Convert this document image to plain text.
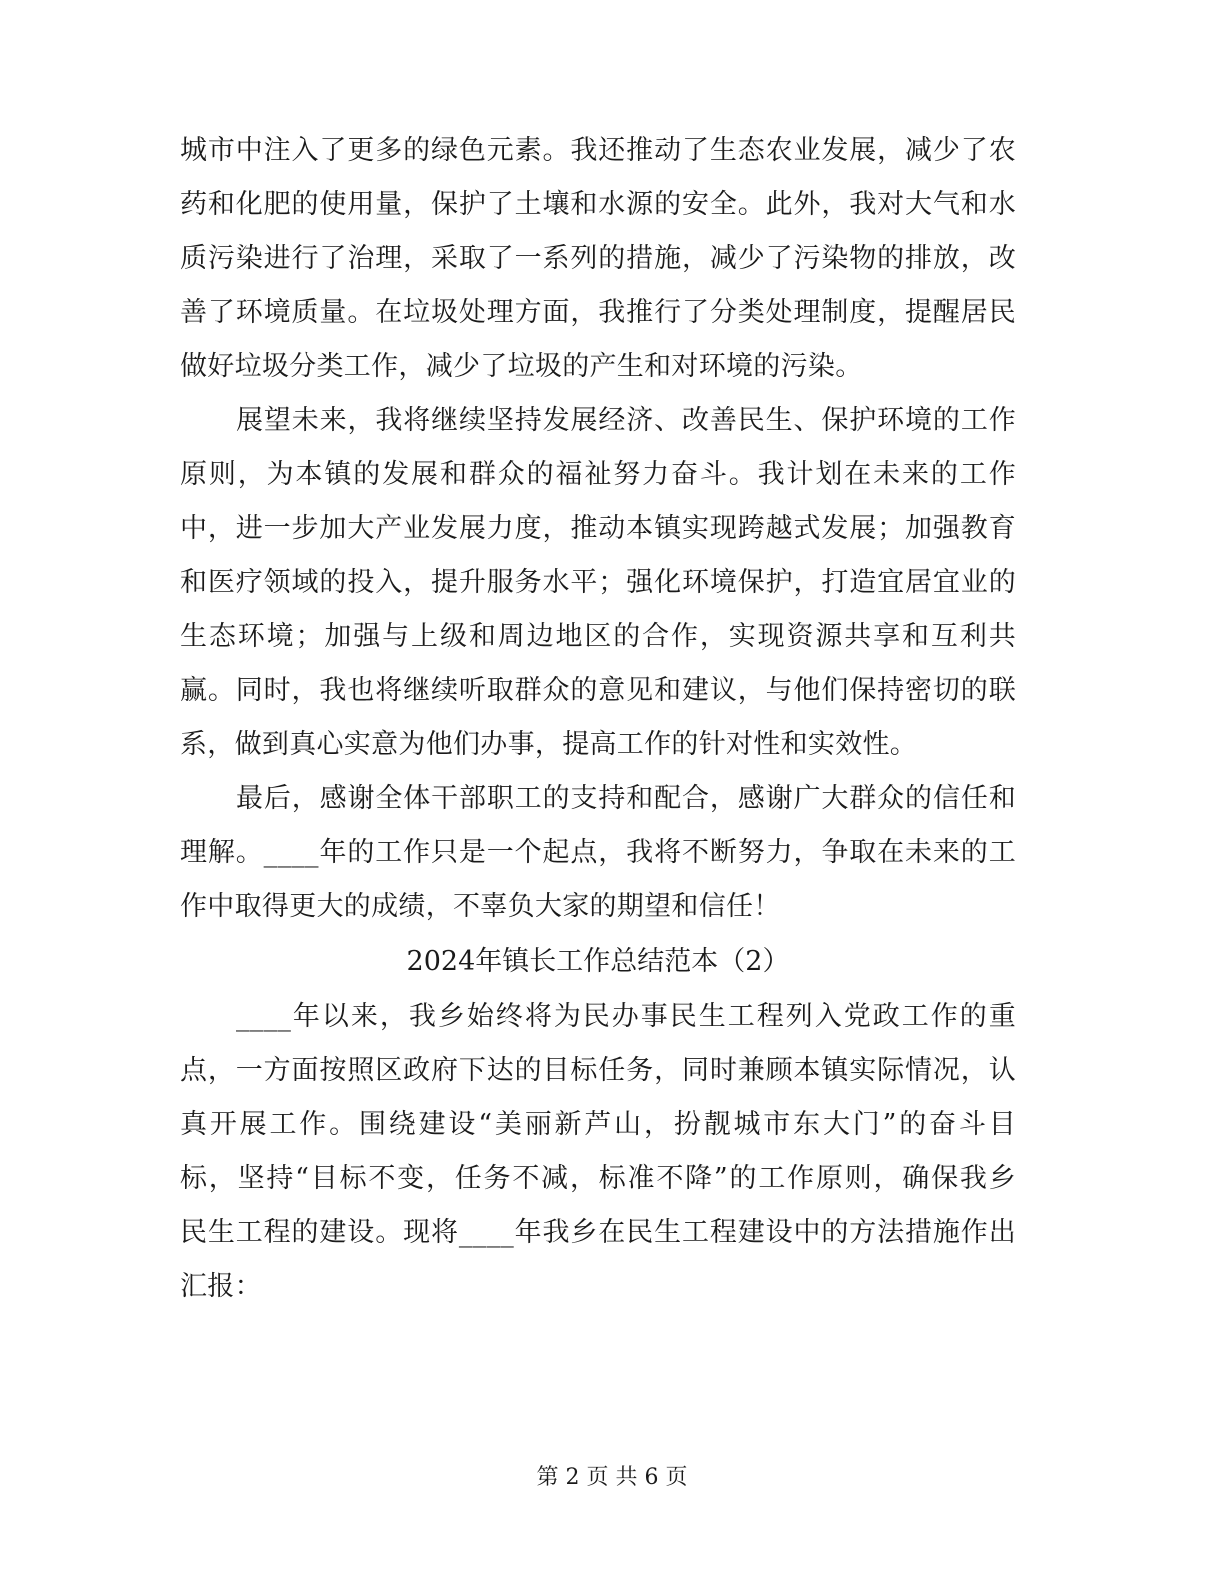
城市中注入了更多的绿色元素。我还推动了生态农业发展，减少了农
药和化肥的使用量，保护了土壤和水源的安全。此外，我对大气和水
质污染进行了治理，采取了一系列的措施，减少了污染物的排放，改
善了环境质量。在垃圾处理方面，我推行了分类处理制度，提醒居民
做好垃圾分类工作，减少了垃圾的产生和对环境的污染。
展望未来，我将继续坚持发展经济、改善民生、保护环境的工作
原则，为本镇的发展和群众的福祉努力奋斗。我计划在未来的工作
中，进一步加大产业发展力度，推动本镇实现跨越式发展；加强教育
和医疗领域的投入，提升服务水平；强化环境保护，打造宜居宜业的
生态环境；加强与上级和周边地区的合作，实现资源共享和互利共
赢。同时，我也将继续听取群众的意见和建议，与他们保持密切的联
系，做到真心实意为他们办事，提高工作的针对性和实效性。
最后，感谢全体干部职工的支持和配合，感谢广大群众的信任和
理解。____年的工作只是一个起点，我将不断努力，争取在未来的工
作中取得更大的成绩，不辜负大家的期望和信任！
2024年镇长工作总结范本（2）
____年以来，我乡始终将为民办事民生工程列入党政工作的重
点，一方面按照区政府下达的目标任务，同时兼顾本镇实际情况，认
真开展工作。围绕建设“美丽新芦山，扮靓城市东大门”的奋斗目
标，坚持“目标不变，任务不减，标准不降”的工作原则，确保我乡
民生工程的建设。现将____年我乡在民生工程建设中的方法措施作出
汇报：
第 2 页 共 6 页
